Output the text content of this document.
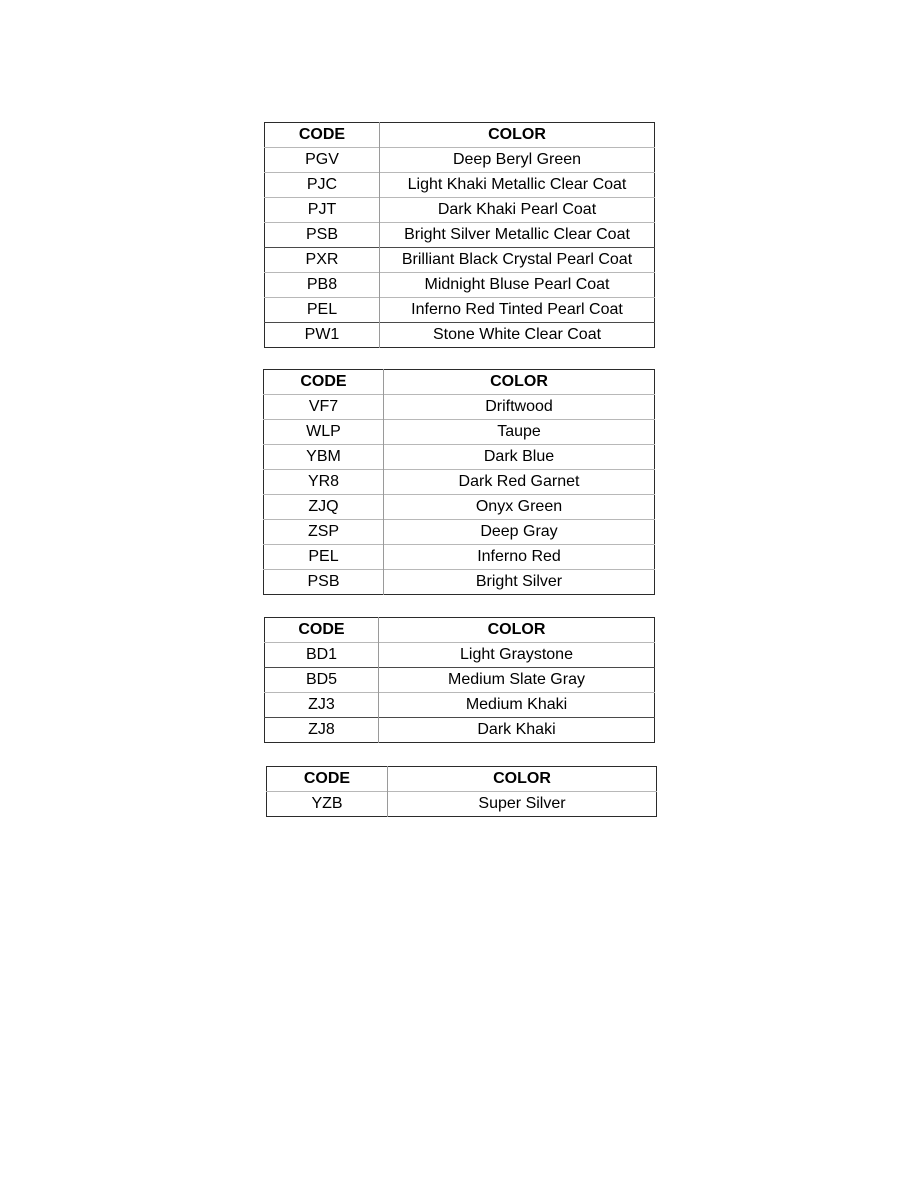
CODE	COLOR
PGV	Deep Beryl Green
PJC	Light Khaki Metallic Clear Coat
PJT	Dark Khaki Pearl Coat
PSB	Bright Silver Metallic Clear Coat
PXR	Brilliant Black Crystal Pearl Coat
PB8	Midnight Bluse Pearl Coat
PEL	Inferno Red Tinted Pearl Coat
PW1	Stone White Clear Coat
CODE	COLOR
VF7	Driftwood
WLP	Taupe
YBM	Dark Blue
YR8	Dark Red Garnet
ZJQ	Onyx Green
ZSP	Deep Gray
PEL	Inferno Red
PSB	Bright Silver
CODE	COLOR
BD1	Light Graystone
BD5	Medium Slate Gray
ZJ3	Medium Khaki
ZJ8	Dark Khaki
CODE	COLOR
YZB	Super Silver
